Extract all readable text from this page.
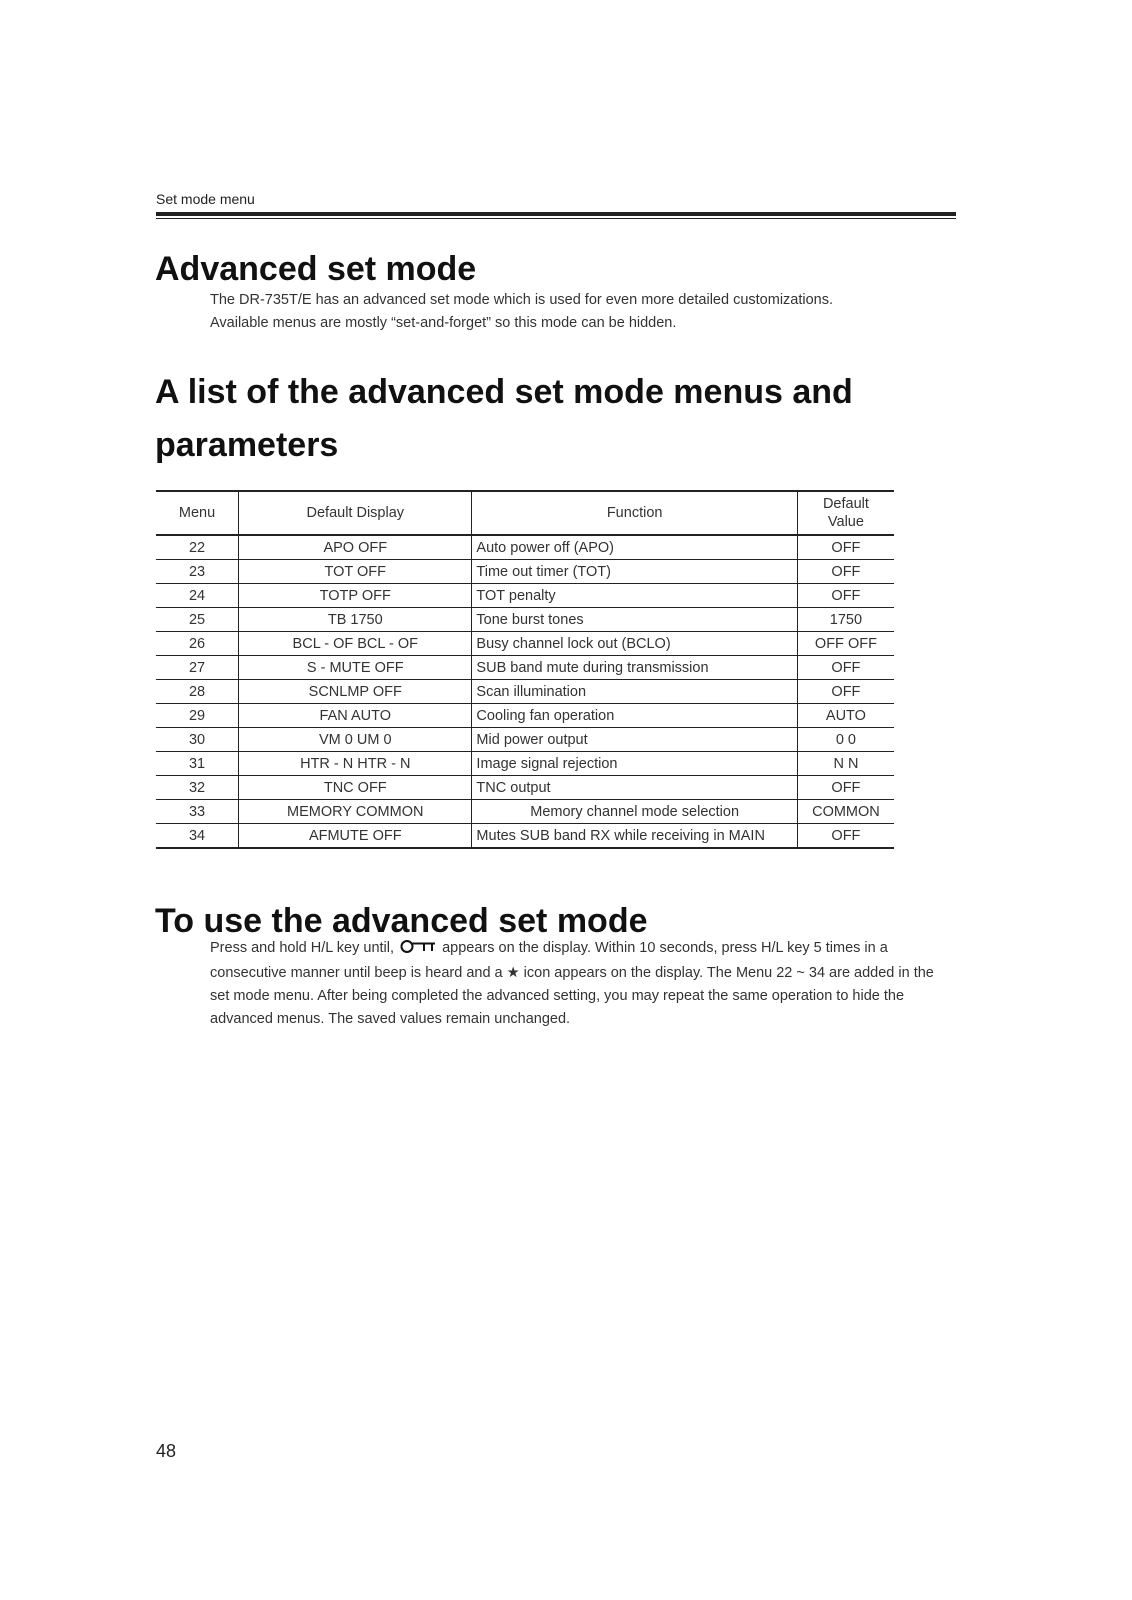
Set mode menu
Advanced set mode

The DR-735T/E has an advanced set mode which is used for even more detailed customizations.

Available menus are mostly “set-and-forget” so this mode can be hidden.

A list of the advanced set mode menus and parameters
Menu	Default Display	Function	Default
Value
22	APO OFF	Auto power off (APO)	OFF
23	TOT OFF	Time out timer (TOT)	OFF
24	TOTP OFF	TOT penalty	OFF
25	TB 1750	Tone burst tones	1750
26	BCL - OF BCL - OF	Busy channel lock out (BCLO)	OFF OFF
27	S - MUTE OFF	SUB band mute during transmission	OFF
28	SCNLMP OFF	Scan illumination	OFF
29	FAN AUTO	Cooling fan operation	AUTO
30	VM 0 UM 0	Mid power output	0 0
31	HTR - N HTR - N	Image signal rejection	N N
32	TNC OFF	TNC output	OFF
33	MEMORY COMMON	Memory channel mode selection	COMMON
34	AFMUTE OFF	Mutes SUB band RX while receiving in MAIN	OFF
To use the advanced set mode
Press and hold H/L key until,	appears on the display. Within 10 seconds, press H/L key 5 times in a consecutive manner until beep is heard and a ★ icon appears on the display. The Menu 22 ~ 34 are added in the set mode menu. After being completed the advanced setting, you may repeat the same operation to hide the advanced menus. The saved values remain unchanged.
48
